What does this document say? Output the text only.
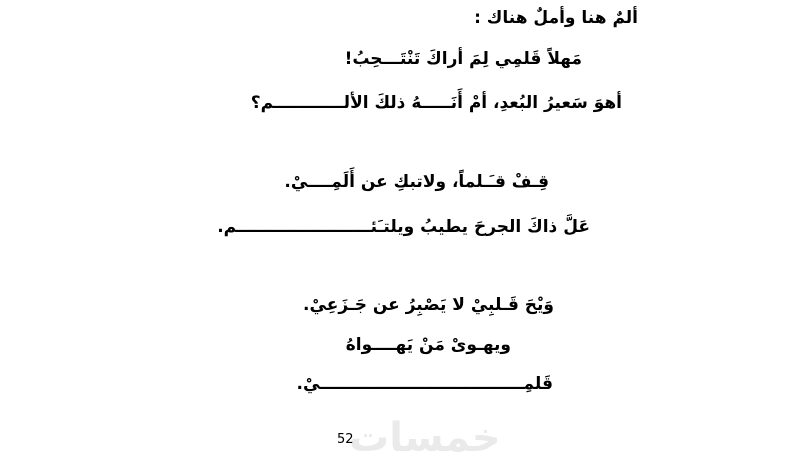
ألمٌ هنا وأملٌ هناك :
مَهلاً قَلمِي لِمَ أراكَ تَنْتَـــحِبُ!
أهوَ سَعيرُ البُعدِ، أمْ أَنَـــــهُ ذلكَ الألــــــــــــم؟
قِـفْ قـَـلماً، ولاتبكِ عن أَلَمِــــيْ.
عَلَّ ذاكَ الجرحَ يطيبُ ويلتـَئـــــــــــــــــــــــم.
وَيْحَ قَـلبِيْ لا يَصْبِرُ عن جَـزَعِيْ.
ويهـوىْ مَنْ يَهــــواهُ
قَلمِـــــــــــــــــــــــــــــــــــيْ.
خمسات
52
